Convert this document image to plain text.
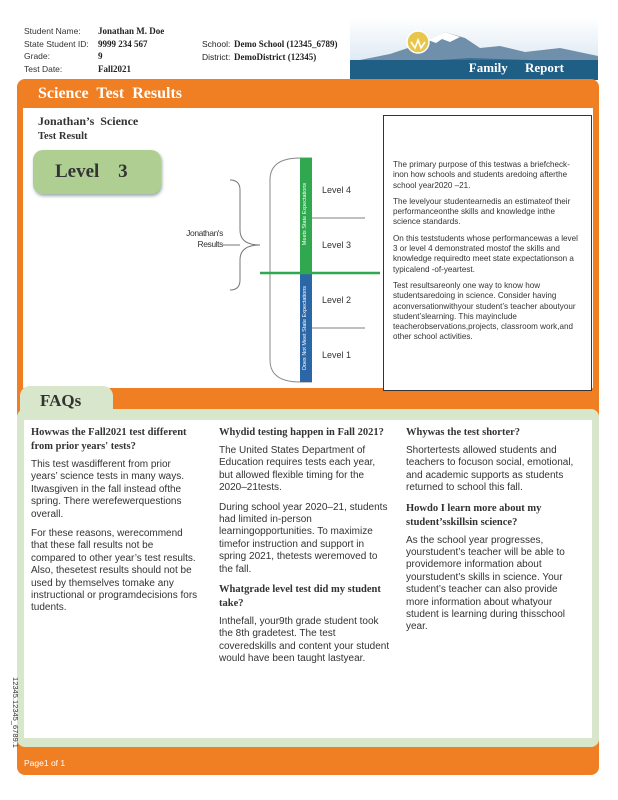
Student Name:	Jonathan M. Doe
State Student ID:	9999 234 567
Grade:	9
Test Date:	Fall2021
School: Demo School (12345_6789)
District: DemoDistrict (12345)
Family Report
Science Test Results
Jonathan’s Science
Test Result
Level 3
Jonathan's
Results	Meets State Expectations
Does Not Meet State Expectations
Level 4
Level 3
Level 2
Level 1

The primary purpose of this testwas a briefcheck-inon how schools and students aredoing afterthe school year2020 –21.

The levelyour studentearnedis an estimateof their performanceonthe skills and knowledge inthe science standards.

On this teststudents whose performancewas a level 3 or level 4 demonstrated mostof the skills and knowledge requiredto meet state expectationson a typicalend -of-yeartest.

Test resultsareonly one way to know how studentsaredoing in science. Consider having aconversationwithyour student’s teacher aboutyour student’slearning. This mayinclude teacherobservations,projects, classroom work,and other school activities.

FAQs
Howwas the Fall2021 test different from prior years' tests?

This test wasdifferent from prior years’ science tests in many ways. Itwasgiven in the fall instead ofthe spring. There werefewerquestions overall.

For these reasons, werecommend that these fall results not be compared to other year’s test results. Also, thesetest results should not be used by themselves tomake any instructional or programdecisions fors tudents.

Whydid testing happen in Fall 2021?

The United States Department of Education requires tests each year, but allowed flexible timing for the 2020–21tests.

During school year 2020–21, students had limited in-person learningopportunities. To maximize timefor instruction and support in spring 2021, thetests weremoved to the fall.

Whatgrade level test did my student take?

Inthefall, your9th grade student took the 8th gradetest. The test coveredskills and content your student would have been taught lastyear.

Whywas the test shorter?

Shortertests allowed students and teachers to focuson social, emotional, and academic supports as students returned to school this fall.

Howdo I learn more about my student’sskillsin science?

As the school year progresses, yourstudent’s teacher will be able to providemore information about yourstudent’s skills in science. Your student’s teacher can also provide more information about whatyour student is learning during thisschool year.

Page1 of 1
12345.12345_6789.1
